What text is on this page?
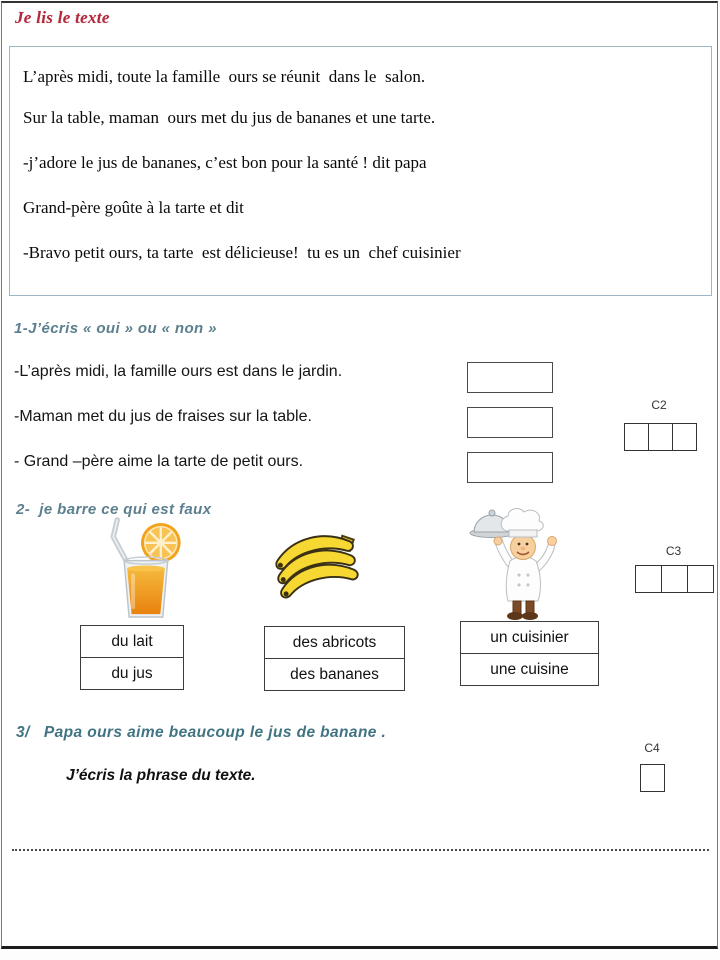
Je lis le texte

L’après midi, toute la famille  ours se réunit  dans le  salon.

Sur la table, maman  ours met du jus de bananes et une tarte.

-j’adore le jus de bananes, c’est bon pour la santé ! dit papa

Grand-père goûte à la tarte et dit

-Bravo petit ours, ta tarte  est délicieuse!  tu es un  chef cuisinier

1-J’écris « oui » ou « non »
-L’après midi, la famille ours est dans le jardin.
-Maman met du jus de fraises sur la table.
- Grand –père aime la tarte de petit ours.
C2
2-  je barre ce qui est faux
C3
du lait
du jus
des abricots
des bananes
un cuisinier
une cuisine
3/   Papa ours aime beaucoup le jus de banane .
J’écris la phrase du texte.
C4
